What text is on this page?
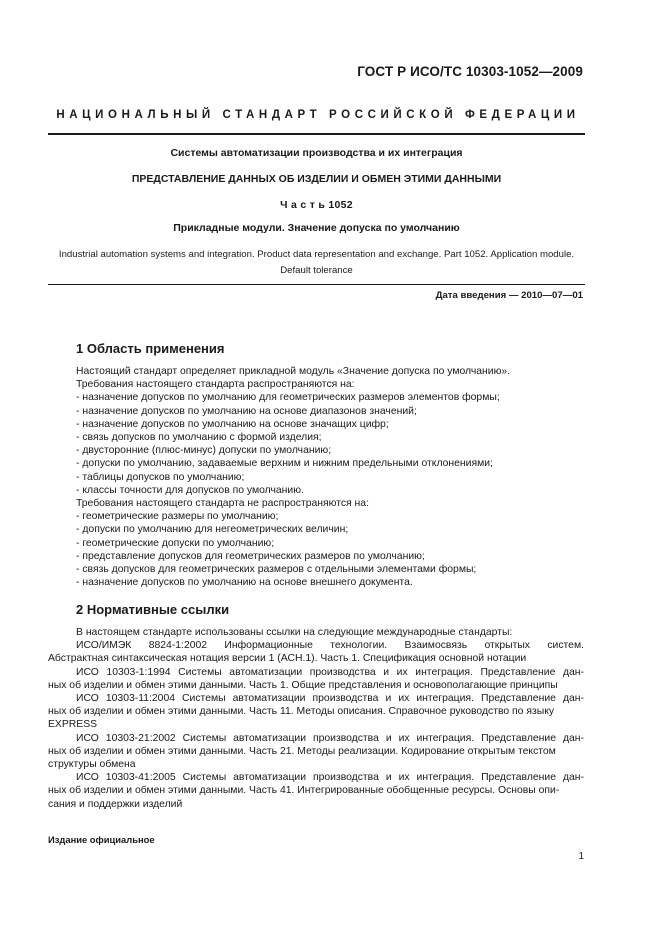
ГОСТ Р ИСО/ТС 10303-1052—2009
НАЦИОНАЛЬНЫЙ СТАНДАРТ РОССИЙСКОЙ ФЕДЕРАЦИИ
Системы автоматизации производства и их интеграция
ПРЕДСТАВЛЕНИЕ ДАННЫХ ОБ ИЗДЕЛИИ И ОБМЕН ЭТИМИ ДАННЫМИ
Ч а с т ь 1052
Прикладные модули. Значение допуска по умолчанию
Industrial automation systems and integration. Product data representation and exchange. Part 1052. Application module.
Default tolerance
Дата введения — 2010—07—01
1 Область применения

Настоящий стандарт определяет прикладной модуль «Значение допуска по умолчанию».

Требования настоящего стандарта распространяются на:

- назначение допусков по умолчанию для геометрических размеров элементов формы;

- назначение допусков по умолчанию на основе диапазонов значений;

- назначение допусков по умолчанию на основе значащих цифр;

- связь допусков по умолчанию с формой изделия;

- двусторонние (плюс-минус) допуски по умолчанию;

- допуски по умолчанию, задаваемые верхним и нижним предельными отклонениями;

- таблицы допусков по умолчанию;

- классы точности для допусков по умолчанию.

Требования настоящего стандарта не распространяются на:

- геометрические размеры по умолчанию;

- допуски по умолчанию для негеометрических величин;

- геометрические допуски по умолчанию;

- представление допусков для геометрических размеров по умолчанию;

- связь допусков для геометрических размеров с отдельными элементами формы;

- назначение допусков по умолчанию на основе внешнего документа.

2 Нормативные ссылки

В настоящем стандарте использованы ссылки на следующие международные стандарты:

ИСО/ИМЭК 8824-1:2002 Информационные технологии. Взаимосвязь открытых систем.

Абстрактная синтаксическая нотация версии 1 (АСН.1). Часть 1. Спецификация основной нотации

ИСО 10303-1:1994 Системы автоматизации производства и их интеграция. Представление дан-

ных об изделии и обмен этими данными. Часть 1. Общие представления и основополагающие принципы

ИСО 10303-11:2004 Системы автоматизации производства и их интеграция. Представление дан-

ных об изделии и обмен этими данными. Часть 11. Методы описания. Справочное руководство по языку EXPRESS

ИСО 10303-21:2002 Системы автоматизации производства и их интеграция. Представление дан-

ных об изделии и обмен этими данными. Часть 21. Методы реализации. Кодирование открытым текстом структуры обмена

ИСО 10303-41:2005 Системы автоматизации производства и их интеграция. Представление дан-

ных об изделии и обмен этими данными. Часть 41. Интегрированные обобщенные ресурсы. Основы опи-сания и поддержки изделий

Издание официальное
1
